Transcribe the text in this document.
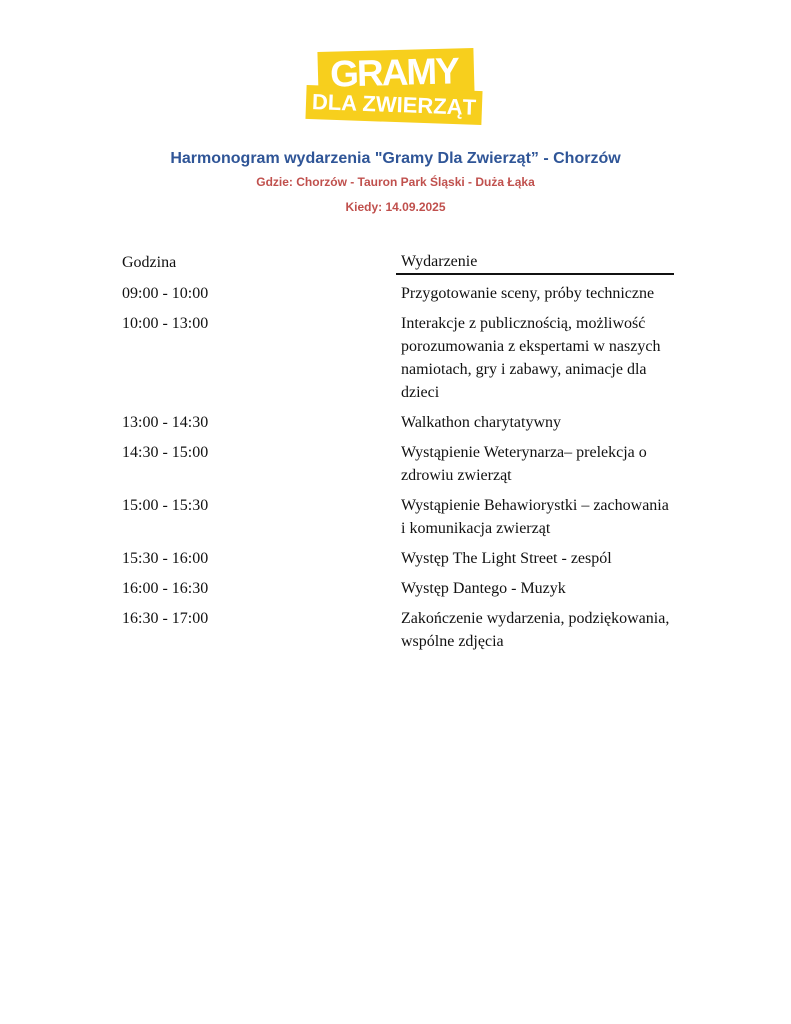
GRAMY
DLA ZWIERZĄT
Harmonogram wydarzenia "Gramy Dla Zwierząt” - Chorzów
Gdzie: Chorzów - Tauron Park Śląski - Duża Łąka
Kiedy: 14.09.2025
Godzina	Wydarzenie
09:00 - 10:00	Przygotowanie sceny, próby techniczne
10:00 - 13:00	Interakcje z publicznością, możliwość porozumowania z ekspertami w naszych namiotach, gry i zabawy, animacje dla dzieci
13:00 - 14:30	Walkathon charytatywny
14:30 - 15:00	Wystąpienie Weterynarza– prelekcja o zdrowiu zwierząt
15:00 - 15:30	Wystąpienie Behawiorystki – zachowania i komunikacja zwierząt
15:30 - 16:00	Występ The Light Street - zespól
16:00 - 16:30	Występ Dantego - Muzyk
16:30 - 17:00	Zakończenie wydarzenia, podziękowania, wspólne zdjęcia
